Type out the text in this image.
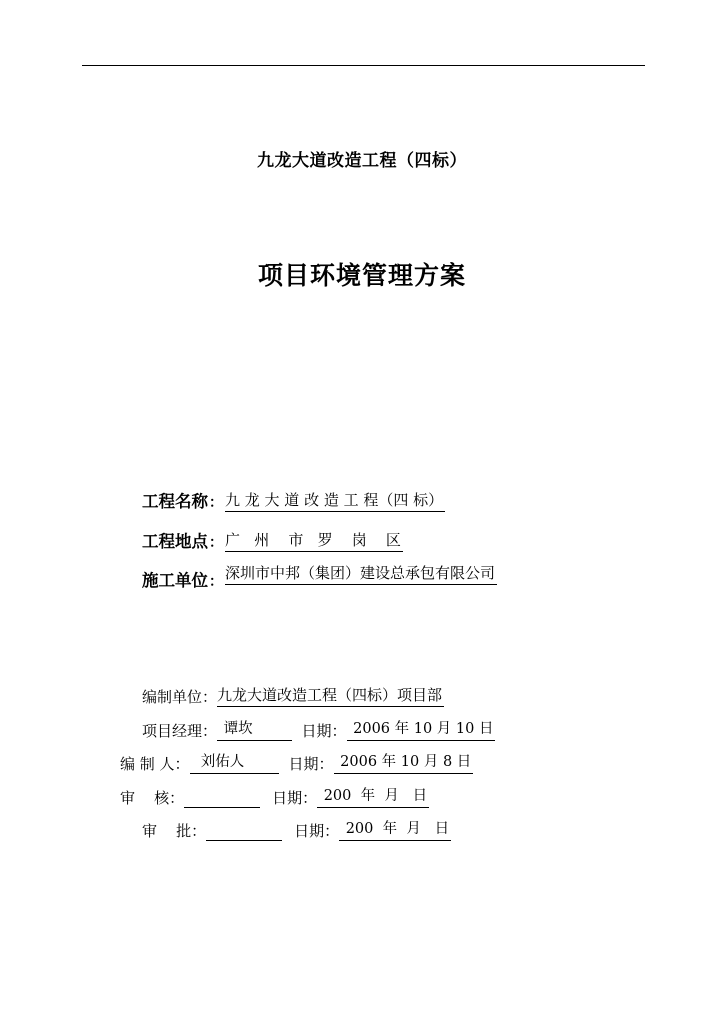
九龙大道改造工程（四标）
项目环境管理方案
工程名称 ： 九 龙 大 道 改 造 工 程（四 标）
工程地点 ： 广   州    市   罗    岗    区
施工单位 ： 深圳市中邦（集团）建设总承包有限公司
编制单位： 九龙大道改造工程（四标）项目部
项目经理： 谭坎 日期： 2006 年 10 月 10 日
编 制 人： 刘佑人 日期： 2006 年 10 月 8 日
审    核：	日期： 200  年  月   日
审    批：	日期： 200  年  月   日
